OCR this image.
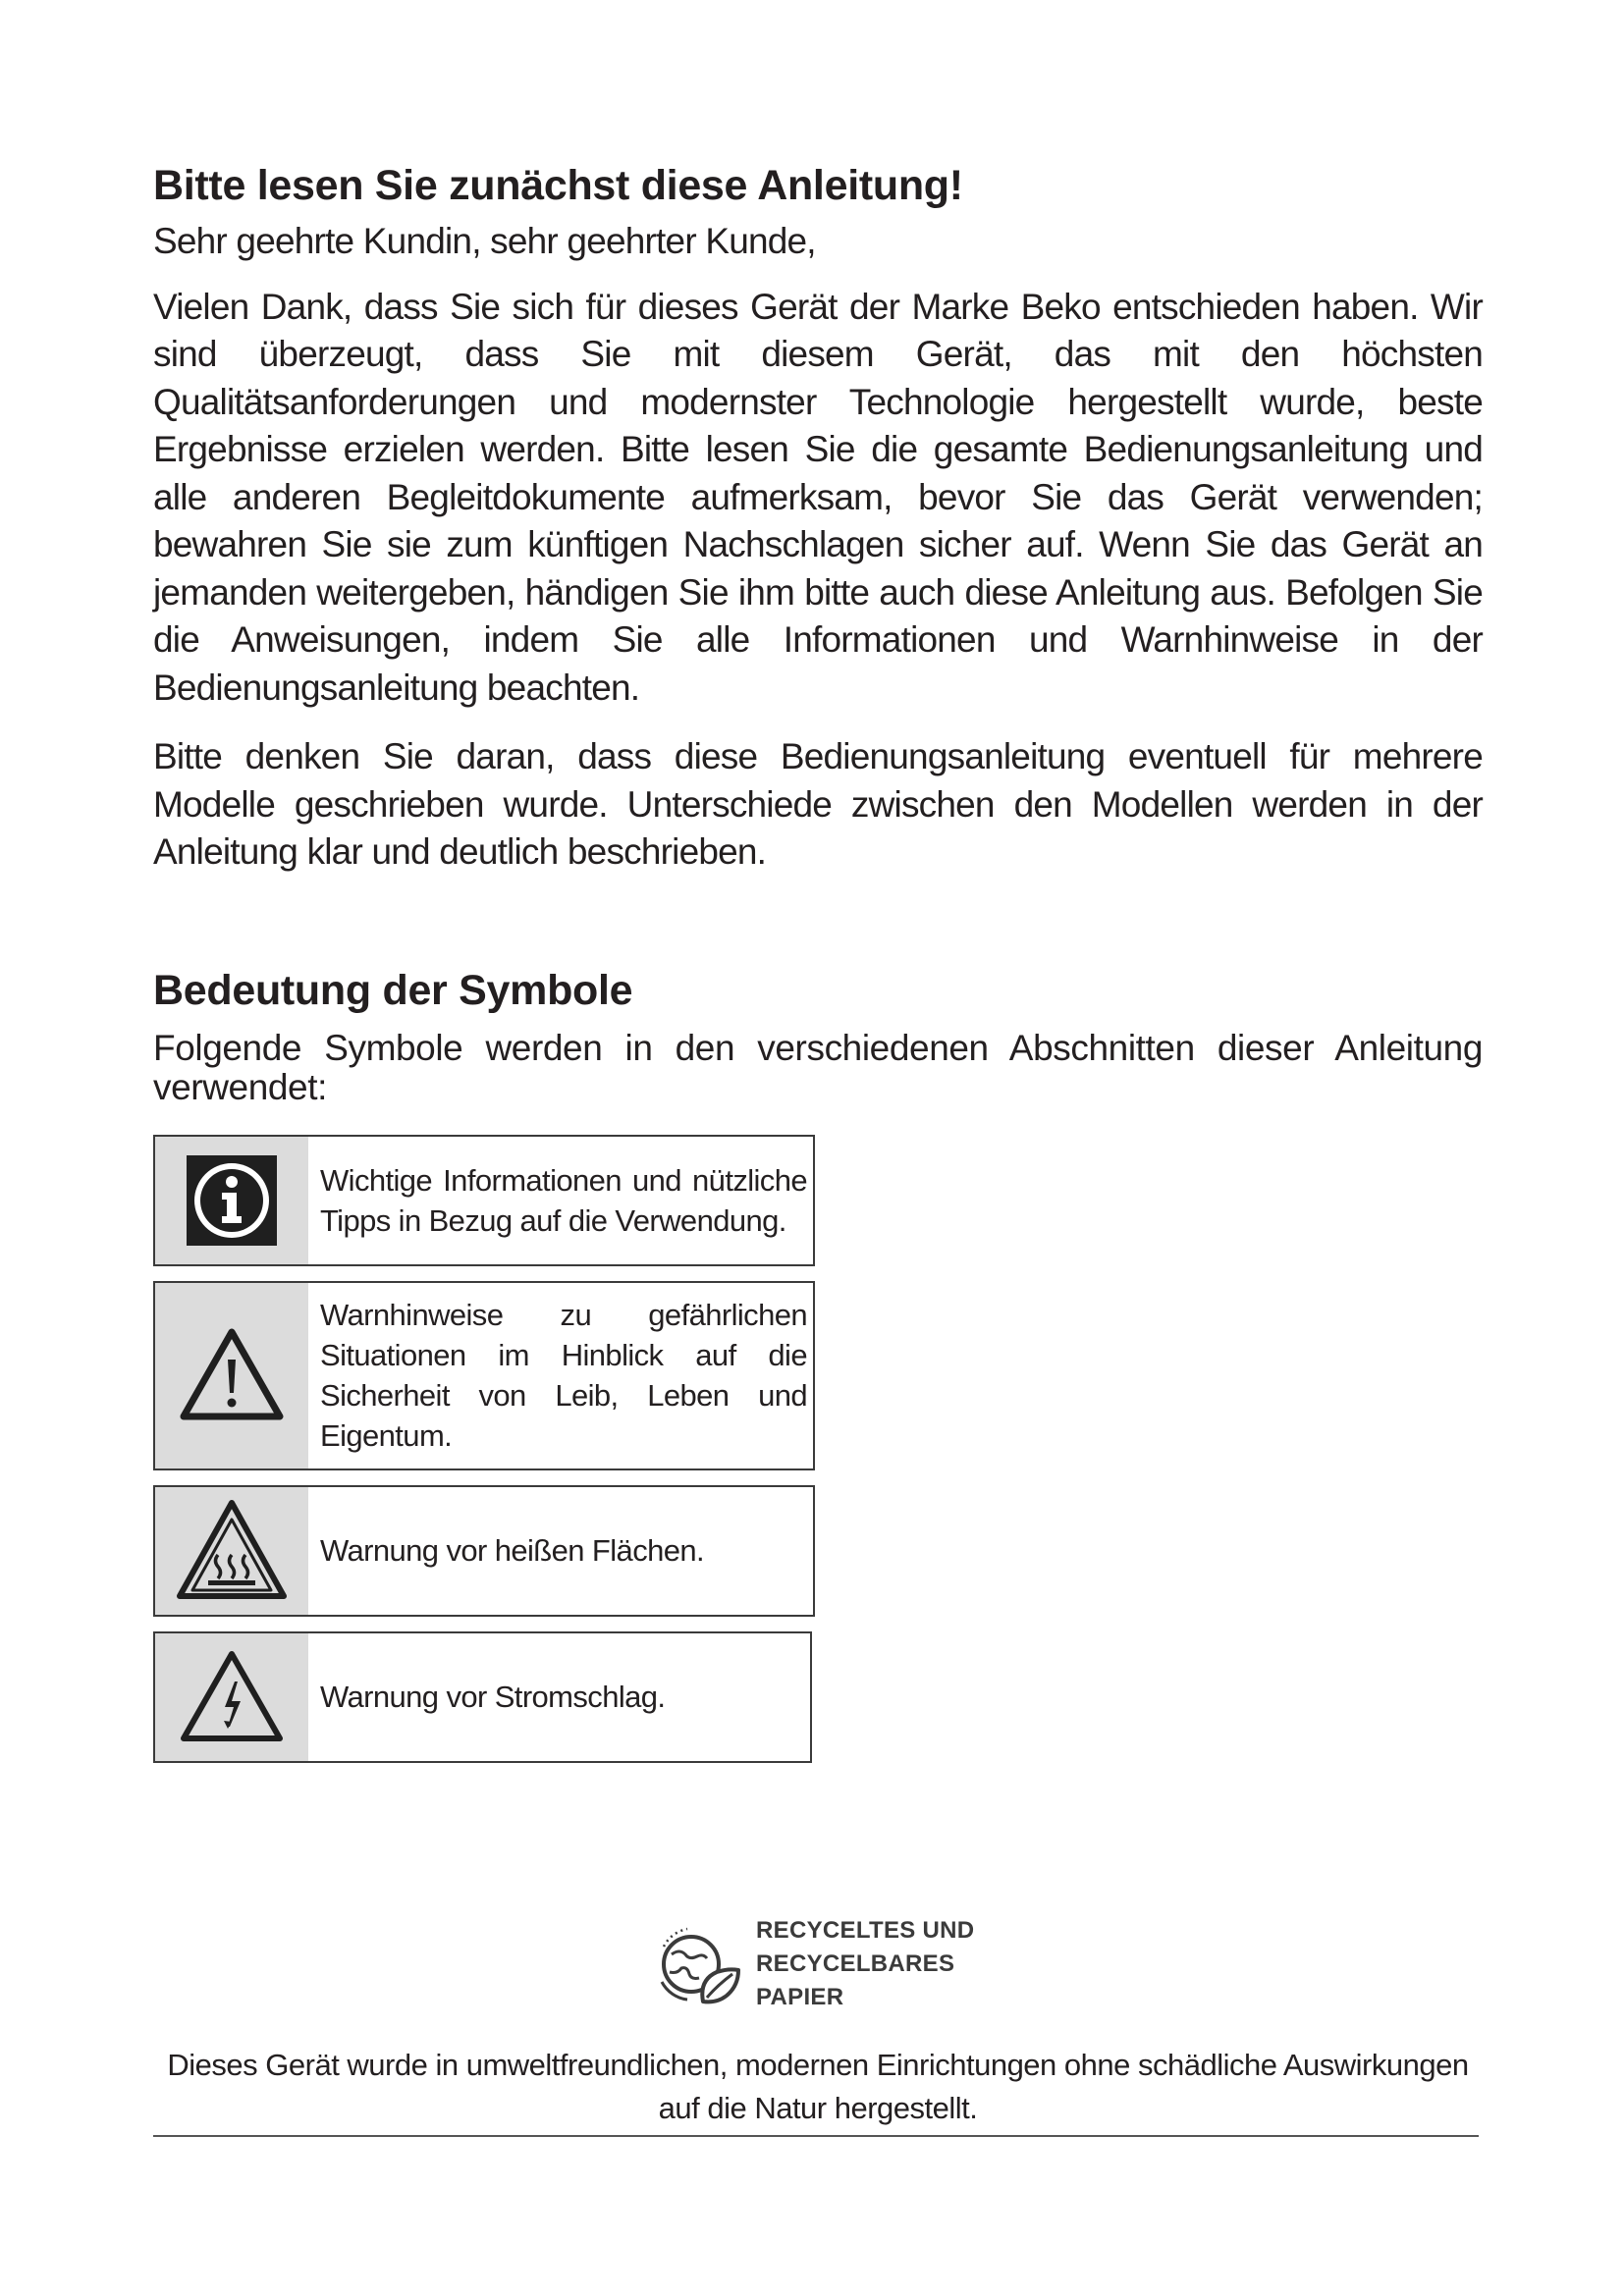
Bitte lesen Sie zunächst diese Anleitung!

Sehr geehrte Kundin, sehr geehrter Kunde,

Vielen Dank, dass Sie sich für dieses Gerät der Marke Beko entschieden haben. Wir sind überzeugt, dass Sie mit diesem Gerät, das mit den höchsten Qualitätsanforderungen und modernster Technologie hergestellt wurde, beste Ergebnisse erzielen werden. Bitte lesen Sie die gesamte Bedienungsanleitung und alle anderen Begleitdokumente aufmerksam, bevor Sie das Gerät verwenden; bewahren Sie sie zum künftigen Nachschlagen sicher auf. Wenn Sie das Gerät an jemanden weitergeben, händigen Sie ihm bitte auch diese Anleitung aus. Befolgen Sie die Anweisungen, indem Sie alle Informationen und Warnhinweise in der Bedienungsanleitung beachten.

Bitte denken Sie daran, dass diese Bedienungsanleitung eventuell für mehrere Modelle geschrieben wurde. Unterschiede zwischen den Modellen werden in der Anleitung klar und deutlich beschrieben.

Bedeutung der Symbole

Folgende Symbole werden in den verschiedenen Abschnitten dieser Anleitung verwendet:

Wichtige Informationen und nützliche Tipps in Bezug auf die Verwendung.
Warnhinweise zu gefährlichen Situationen im Hinblick auf die Sicherheit von Leib, Leben und Eigentum.
Warnung vor heißen Flächen.
Warnung vor Stromschlag.
RECYCELTES UND
RECYCELBARES
PAPIER
Dieses Gerät wurde in umweltfreundlichen, modernen Einrichtungen ohne schädliche Auswirkungen auf die Natur hergestellt.
